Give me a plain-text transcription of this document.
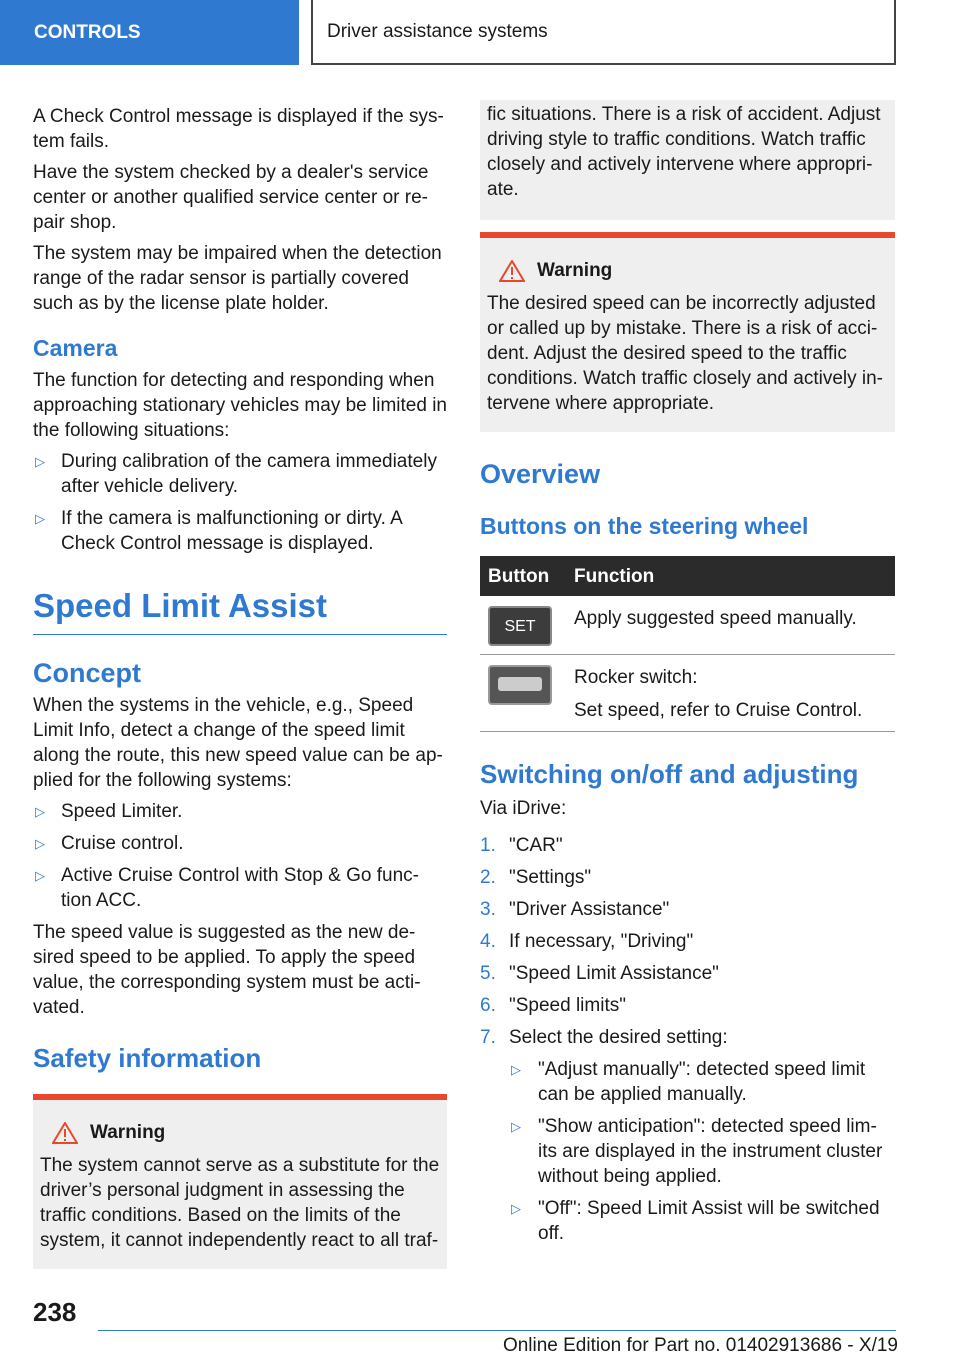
CONTROLS	Driver assistance systems

A Check Control message is displayed if the sys‐tem fails.

Have the system checked by a dealer's service center or another qualified service center or re‐pair shop.

The system may be impaired when the detection range of the radar sensor is partially covered such as by the license plate holder.

Camera

The function for detecting and responding when approaching stationary vehicles may be limited in the following situations:

▷ During calibration of the camera immediately after vehicle delivery.
▷ If the camera is malfunctioning or dirty. A Check Control message is displayed.
Speed Limit Assist
Concept

When the systems in the vehicle, e.g., Speed Limit Info, detect a change of the speed limit along the route, this new speed value can be ap‐plied for the following systems:

▷ Speed Limiter.
▷ Cruise control.
▷ Active Cruise Control with Stop & Go func‐tion ACC.

The speed value is suggested as the new de‐sired speed to be applied. To apply the speed value, the corresponding system must be acti‐vated.

Safety information
Warning
The system cannot serve as a substitute for the driver’s personal judgment in assessing the traffic conditions. Based on the limits of the system, it cannot independently react to all traf‐
fic situations. There is a risk of accident. Adjust driving style to traffic conditions. Watch traffic closely and actively intervene where appropri‐ate.
Warning
The desired speed can be incorrectly adjusted or called up by mistake. There is a risk of acci‐dent. Adjust the desired speed to the traffic conditions. Watch traffic closely and actively in‐tervene where appropriate.
Overview
Buttons on the steering wheel
Button	Function

SET	Apply suggested speed manually.

	Rocker switch:
Set speed, refer to Cruise Control.
Switching on/off and adjusting

Via iDrive:

1. "CAR"
2. "Settings"
3. "Driver Assistance"
4. If necessary, "Driving"
5. "Speed Limit Assistance"
6. "Speed limits"
7. Select the desired setting:
▷ "Adjust manually": detected speed limit can be applied manually.
▷ "Show anticipation": detected speed lim‐its are displayed in the instrument cluster without being applied.
▷ "Off": Speed Limit Assist will be switched off.
238
Online Edition for Part no. 01402913686 - X/19
